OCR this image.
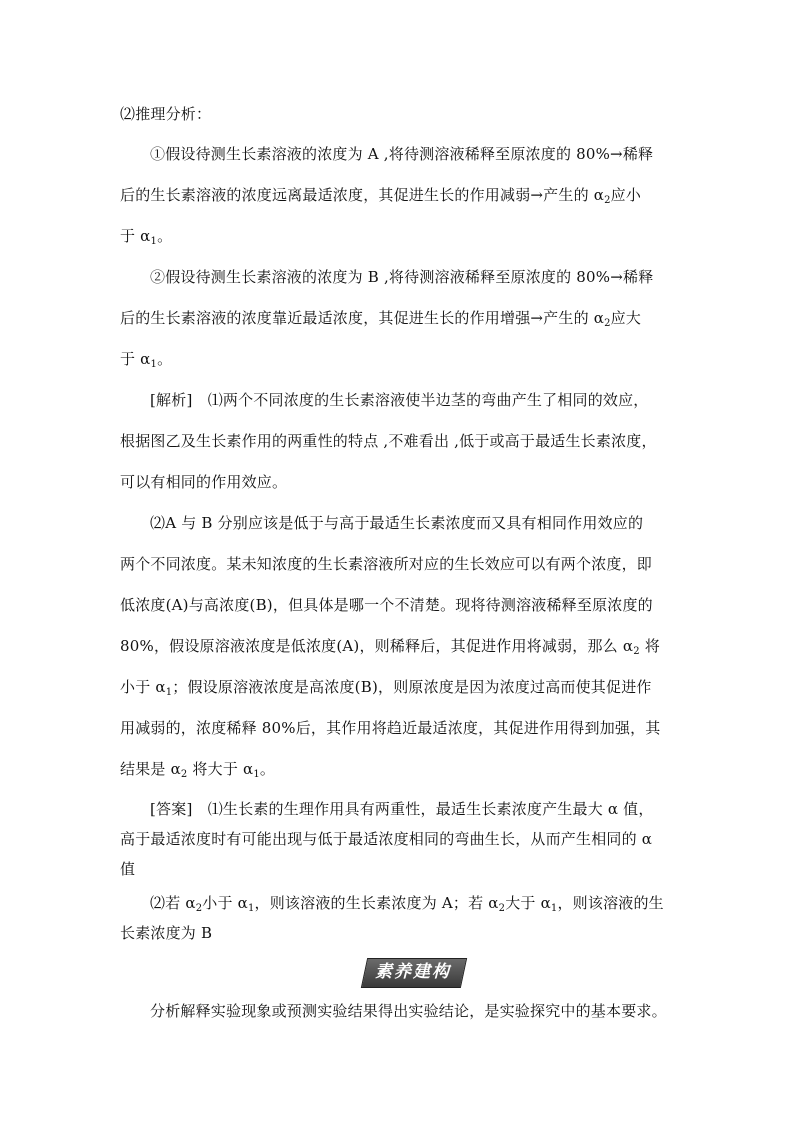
⑵推理分析：
①假设待测生长素溶液的浓度为 A ,将待测溶液稀释至原浓度的 80%→稀释
后的生长素溶液的浓度远离最适浓度，其促进生长的作用减弱→产生的 $\alpha_2$应小
于 $\alpha_1$。
②假设待测生长素溶液的浓度为 B ,将待测溶液稀释至原浓度的 80%→稀释
后的生长素溶液的浓度靠近最适浓度，其促进生长的作用增强→产生的 $\alpha_2$应大
于 $\alpha_1$。
[解析]　⑴两个不同浓度的生长素溶液使半边茎的弯曲产生了相同的效应，
根据图乙及生长素作用的两重性的特点 ,不难看出 ,低于或高于最适生长素浓度，
可以有相同的作用效应。
⑵A 与 B 分别应该是低于与高于最适生长素浓度而又具有相同作用效应的
两个不同浓度。某未知浓度的生长素溶液所对应的生长效应可以有两个浓度，即
低浓度(A)与高浓度(B)，但具体是哪一个不清楚。现将待测溶液稀释至原浓度的
80%，假设原溶液浓度是低浓度(A)，则稀释后，其促进作用将减弱，那么 $\alpha_2$ 将
小于 $\alpha_1$；假设原溶液浓度是高浓度(B)，则原浓度是因为浓度过高而使其促进作
用减弱的，浓度稀释 80%后，其作用将趋近最适浓度，其促进作用得到加强，其
结果是 $\alpha_2$ 将大于 $\alpha_1$。
[答案]　⑴生长素的生理作用具有两重性，最适生长素浓度产生最大 α 值，
高于最适浓度时有可能出现与低于最适浓度相同的弯曲生长，从而产生相同的 α
值
⑵若 $\alpha_2$小于 $\alpha_1$，则该溶液的生长素浓度为 A；若 $\alpha_2$大于 $\alpha_1$，则该溶液的生
长素浓度为 B
素养建构
分析解释实验现象或预测实验结果得出实验结论，是实验探究中的基本要求。
